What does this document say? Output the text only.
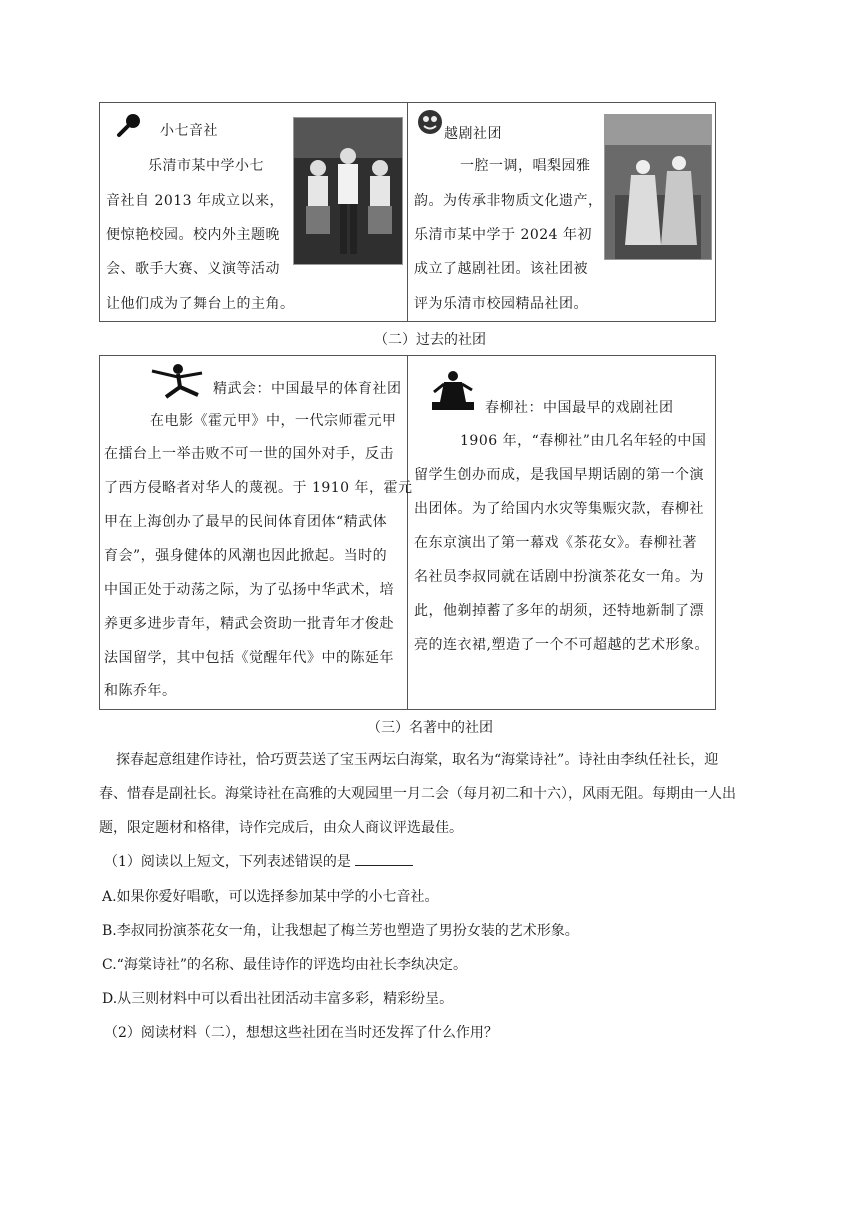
小七音社
乐清市某中学小七
音社自 2013 年成立以来，
便惊艳校园。校内外主题晚
会、歌手大赛、义演等活动
让他们成为了舞台上的主角。
越剧社团
一腔一调，唱梨园雅
韵。为传承非物质文化遗产，
乐清市某中学于 2024 年初
成立了越剧社团。该社团被
评为乐清市校园精品社团。
（二）过去的社团
精武会：中国最早的体育社团
在电影《霍元甲》中，一代宗师霍元甲
在擂台上一举击败不可一世的国外对手，反击
了西方侵略者对华人的蔑视。于 1910 年，霍元
甲在上海创办了最早的民间体育团体“精武体
育会”，强身健体的风潮也因此掀起。当时的
中国正处于动荡之际，为了弘扬中华武术，培
养更多进步青年，精武会资助一批青年才俊赴
法国留学，其中包括《觉醒年代》中的陈延年
和陈乔年。
春柳社：中国最早的戏剧社团
1906 年，“春柳社”由几名年轻的中国
留学生创办而成，是我国早期话剧的第一个演
出团体。为了给国内水灾等集赈灾款，春柳社
在东京演出了第一幕戏《茶花女》。春柳社著
名社员李叔同就在话剧中扮演茶花女一角。为
此，他剃掉蓄了多年的胡须，还特地新制了漂
亮的连衣裙,塑造了一个不可超越的艺术形象。
（三）名著中的社团
探春起意组建作诗社，恰巧贾芸送了宝玉两坛白海棠，取名为“海棠诗社”。诗社由李纨任社长，迎
春、惜春是副社长。海棠诗社在高雅的大观园里一月二会（每月初二和十六），风雨无阻。每期由一人出
题，限定题材和格律，诗作完成后，由众人商议评选最佳。
（1）阅读以上短文，下列表述错误的是
A.如果你爱好唱歌，可以选择参加某中学的小七音社。
B.李叔同扮演茶花女一角，让我想起了梅兰芳也塑造了男扮女装的艺术形象。
C.“海棠诗社”的名称、最佳诗作的评选均由社长李纨决定。
D.从三则材料中可以看出社团活动丰富多彩，精彩纷呈。
（2）阅读材料（二），想想这些社团在当时还发挥了什么作用？
